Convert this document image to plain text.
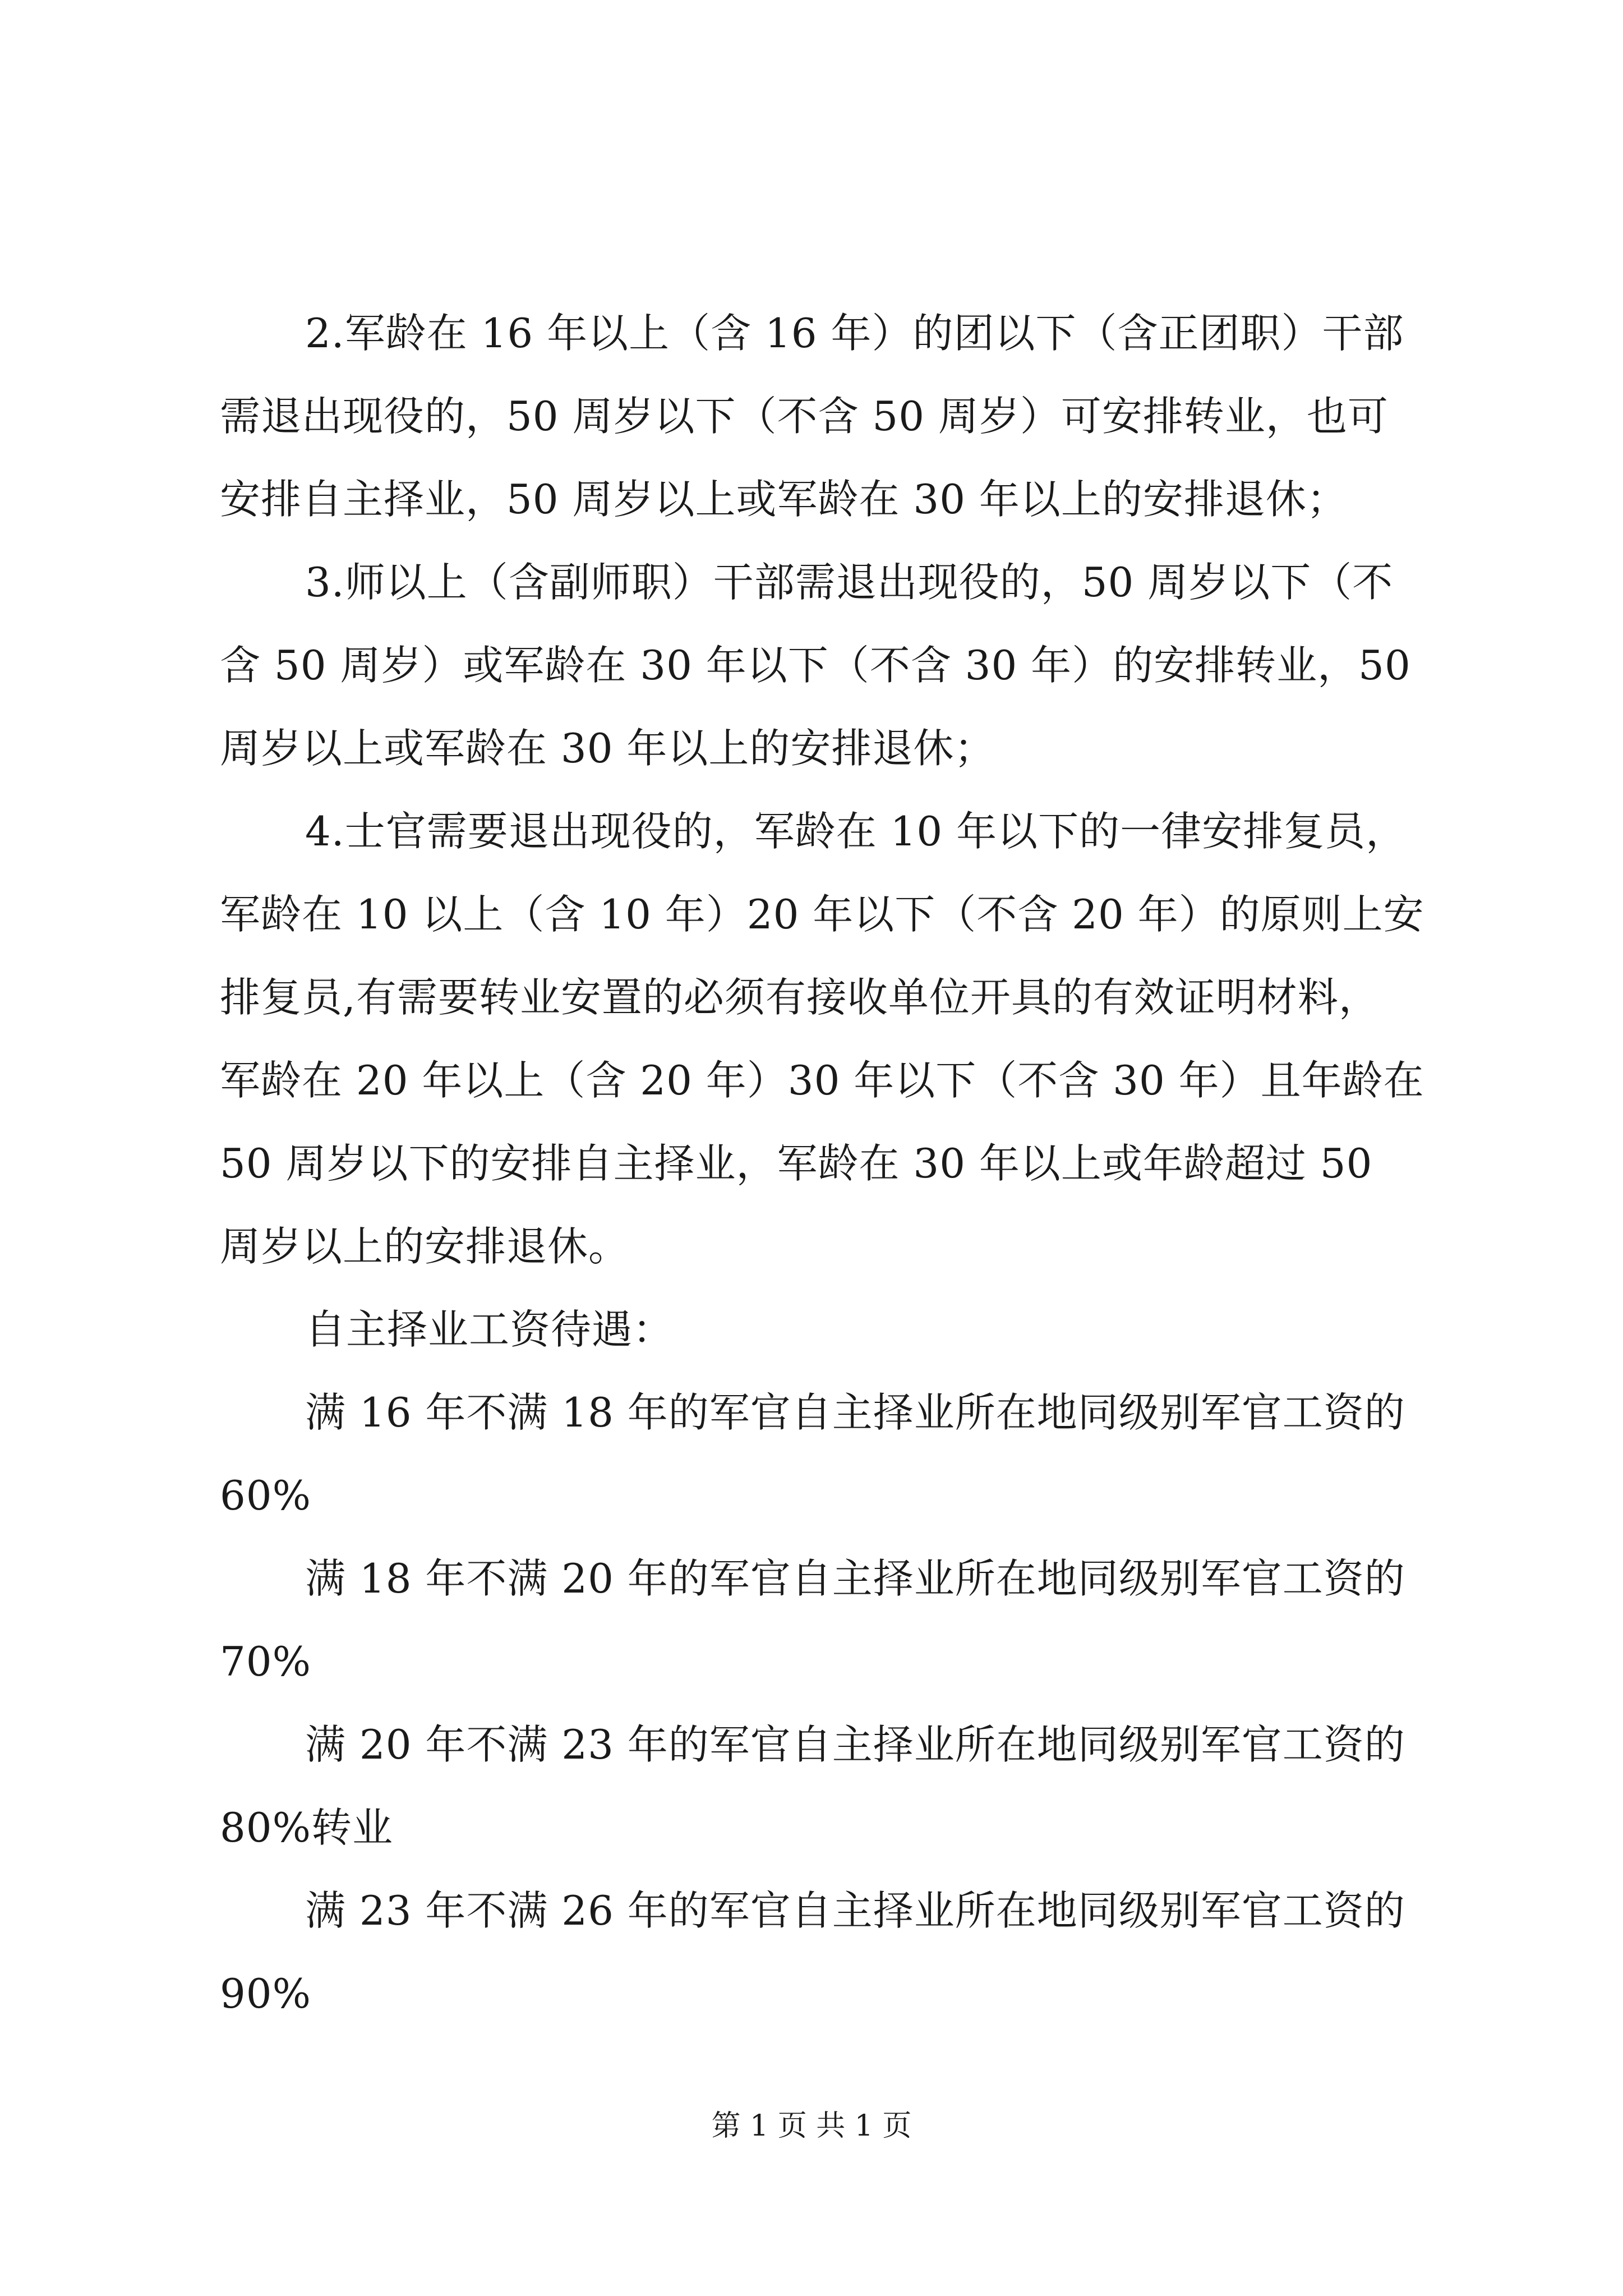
2.军龄在 16 年以上（含 16 年）的团以下（含正团职）干部
需退出现役的，50 周岁以下（不含 50 周岁）可安排转业，也可
安排自主择业，50 周岁以上或军龄在 30 年以上的安排退休；

3.师以上（含副师职）干部需退出现役的，50 周岁以下（不
含 50 周岁）或军龄在 30 年以下（不含 30 年）的安排转业，50
周岁以上或军龄在 30 年以上的安排退休；

4.士官需要退出现役的，军龄在 10 年以下的一律安排复员，
军龄在 10 以上（含 10 年）20 年以下（不含 20 年）的原则上安
排复员,有需要转业安置的必须有接收单位开具的有效证明材料，
军龄在 20 年以上（含 20 年）30 年以下（不含 30 年）且年龄在
50 周岁以下的安排自主择业，军龄在 30 年以上或年龄超过 50
周岁以上的安排退休。

自主择业工资待遇：

满 16 年不满 18 年的军官自主择业所在地同级别军官工资的
60%

满 18 年不满 20 年的军官自主择业所在地同级别军官工资的
70%

满 20 年不满 23 年的军官自主择业所在地同级别军官工资的
80%转业

满 23 年不满 26 年的军官自主择业所在地同级别军官工资的
90%

第 1 页 共 1 页
